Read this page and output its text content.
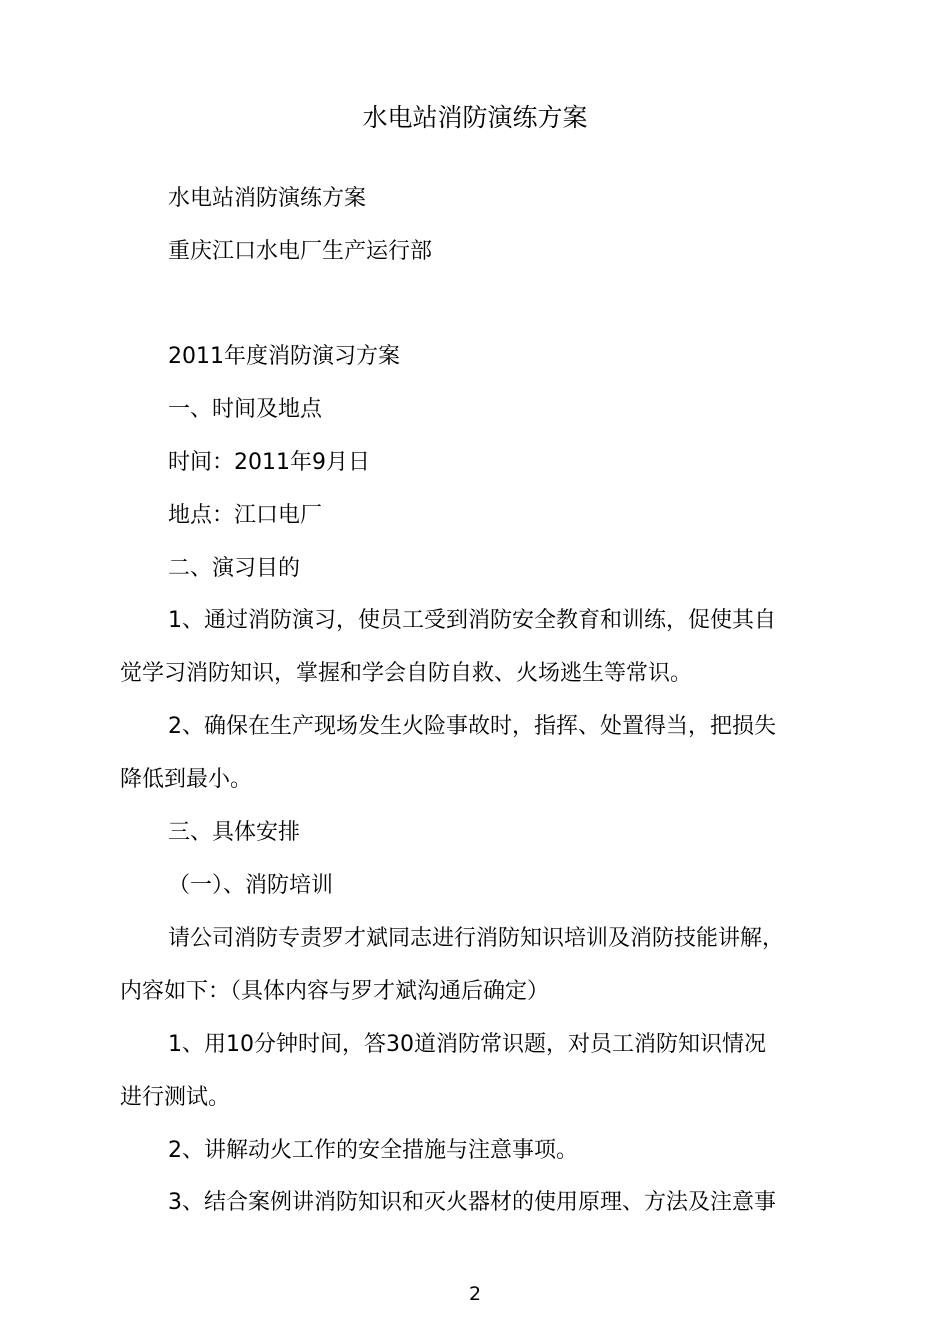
水电站消防演练方案
水电站消防演练方案
重庆江口水电厂生产运行部
2011年度消防演习方案
一、时间及地点
时间：2011年9月日
地点：江口电厂
二、演习目的
1、通过消防演习，使员工受到消防安全教育和训练，促使其自
觉学习消防知识，掌握和学会自防自救、火场逃生等常识。
2、确保在生产现场发生火险事故时，指挥、处置得当，把损失
降低到最小。
三、具体安排
（一）、消防培训
请公司消防专责罗才斌同志进行消防知识培训及消防技能讲解，
内容如下：（具体内容与罗才斌沟通后确定）
1、用10分钟时间，答30道消防常识题，对员工消防知识情况
进行测试。
2、讲解动火工作的安全措施与注意事项。
3、结合案例讲消防知识和灭火器材的使用原理、方法及注意事
2
